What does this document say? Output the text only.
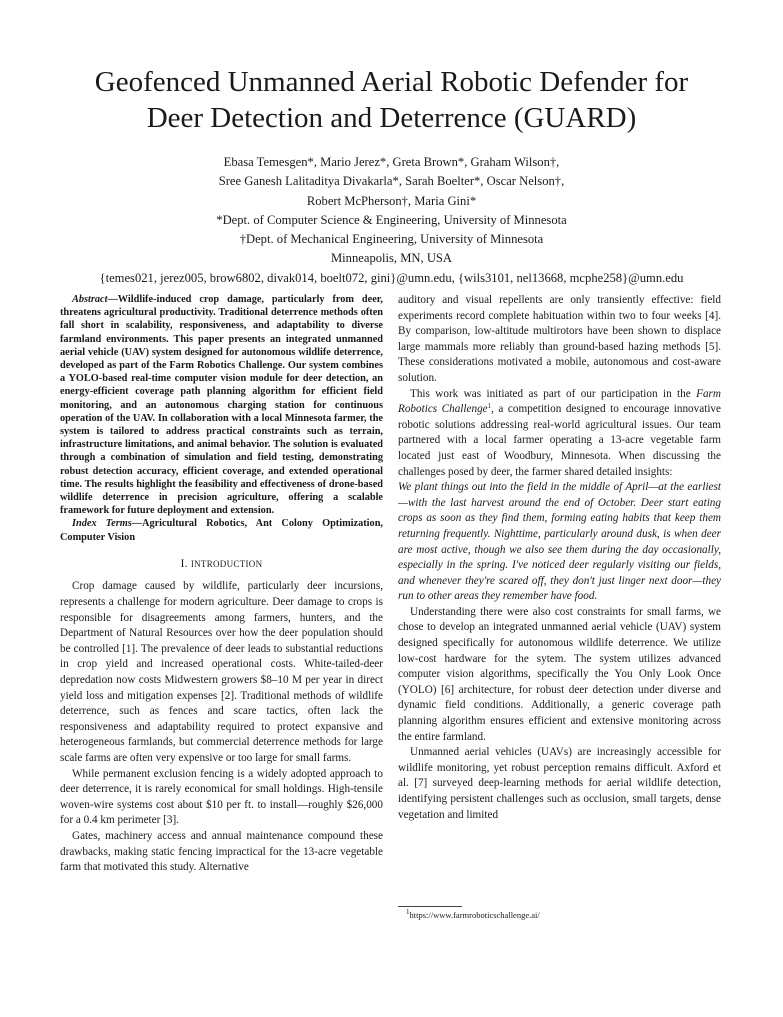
Geofenced Unmanned Aerial Robotic Defender for
Deer Detection and Deterrence (GUARD)
Ebasa Temesgen*, Mario Jerez*, Greta Brown*, Graham Wilson†,
Sree Ganesh Lalitaditya Divakarla*, Sarah Boelter*, Oscar Nelson†,
Robert McPherson†, Maria Gini*
*Dept. of Computer Science & Engineering, University of Minnesota
†Dept. of Mechanical Engineering, University of Minnesota
Minneapolis, MN, USA
{temes021, jerez005, brow6802, divak014, boelt072, gini}@umn.edu, {wils3101, nel13668, mcphe258}@umn.edu

Abstract—Wildlife-induced crop damage, particularly from deer, threatens agricultural productivity. Traditional deterrence methods often fall short in scalability, responsiveness, and adaptability to diverse farmland environments. This paper presents an integrated unmanned aerial vehicle (UAV) system designed for autonomous wildlife deterrence, developed as part of the Farm Robotics Challenge. Our system combines a YOLO-based real-time computer vision module for deer detection, an energy-efficient coverage path planning algorithm for efficient field monitoring, and an autonomous charging station for continuous operation of the UAV. In collaboration with a local Minnesota farmer, the system is tailored to address practical constraints such as terrain, infrastructure limitations, and animal behavior. The solution is evaluated through a combination of simulation and field testing, demonstrating robust detection accuracy, efficient coverage, and extended operational time. The results highlight the feasibility and effectiveness of drone-based wildlife deterrence in precision agriculture, offering a scalable framework for future deployment and extension.

Index Terms—Agricultural Robotics, Ant Colony Optimization, Computer Vision

I. INTRODUCTION

Crop damage caused by wildlife, particularly deer incursions, represents a challenge for modern agriculture. Deer damage to crops is responsible for disagreements among farmers, hunters, and the Department of Natural Resources over how the deer population should be controlled [1]. The prevalence of deer leads to substantial reductions in crop yield and increased operational costs. White-tailed-deer depredation now costs Midwestern growers $8–10 M per year in direct yield loss and mitigation expenses [2]. Traditional methods of wildlife deterrence, such as fences and scare tactics, often lack the responsiveness and adaptability required to protect expansive and heterogeneous farmlands, but commercial deterrence methods for large scale farms are often very expensive or too large for small farms.

While permanent exclusion fencing is a widely adopted approach to deer deterrence, it is rarely economical for small holdings. High-tensile woven-wire systems cost about $10 per ft. to install—roughly $26,000 for a 0.4 km perimeter [3].

Gates, machinery access and annual maintenance compound these drawbacks, making static fencing impractical for the 13-acre vegetable farm that motivated this study. Alternative

auditory and visual repellents are only transiently effective: field experiments record complete habituation within two to four weeks [4]. By comparison, low-altitude multirotors have been shown to displace large mammals more reliably than ground-based hazing methods [5]. These considerations motivated a mobile, autonomous and cost-aware solution.

This work was initiated as part of our participation in the Farm Robotics Challenge$^1$, a competition designed to encourage innovative robotic solutions addressing real-world agricultural issues. Our team partnered with a local farmer operating a 13-acre vegetable farm located just east of Woodbury, Minnesota. When discussing the challenges posed by deer, the farmer shared detailed insights:

We plant things out into the field in the middle of April—at the earliest—with the last harvest around the end of October. Deer start eating crops as soon as they find them, forming eating habits that keep them returning frequently. Nighttime, particularly around dusk, is when deer are most active, though we also see them during the day occasionally, especially in the spring. I've noticed deer regularly visiting our fields, and whenever they're scared off, they don't just linger next door—they run to other areas they remember have food.

Understanding there were also cost constraints for small farms, we chose to develop an integrated unmanned aerial vehicle (UAV) system designed specifically for autonomous wildlife deterrence. We utilize low-cost hardware for the sytem. The system utilizes advanced computer vision algorithms, specifically the You Only Look Once (YOLO) [6] architecture, for robust deer detection under diverse and dynamic field conditions. Additionally, a generic coverage path planning algorithm ensures efficient and extensive monitoring across the entire farmland.

Unmanned aerial vehicles (UAVs) are increasingly accessible for wildlife monitoring, yet robust perception remains difficult. Axford et al. [7] surveyed deep-learning methods for aerial wildlife detection, identifying persistent challenges such as occlusion, small targets, dense vegetation and limited

$^1$https://www.farmroboticschallenge.ai/
